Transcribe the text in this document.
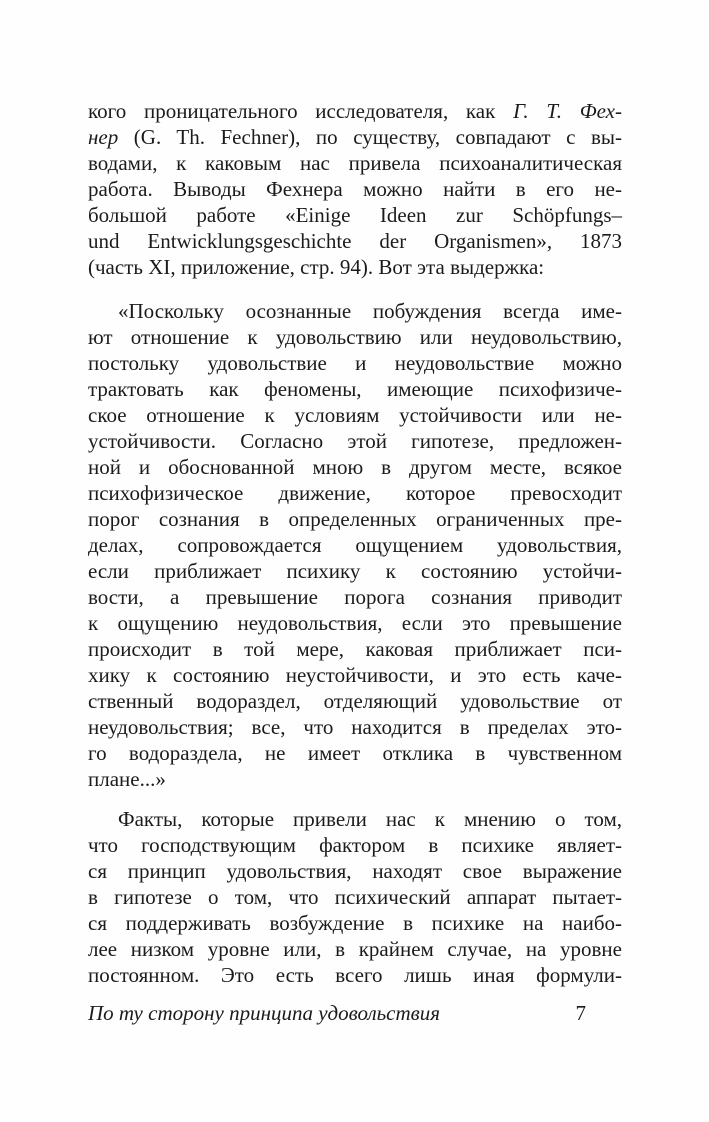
кого проницательного исследователя, как Г. Т. Фех-
нер (G. Th. Fechner), по существу, совпадают с вы-
водами, к каковым нас привела психоаналитическая
работа. Выводы Фехнера можно найти в его не-
большой работе «Einige Ideen zur Schöpfungs–
und Entwicklungsgeschichte der Organismen», 1873
(часть XI, приложение, стр. 94). Вот эта выдержка:
«Поскольку осознанные побуждения всегда име-
ют отношение к удовольствию или неудовольствию,
постольку удовольствие и неудовольствие можно
трактовать как феномены, имеющие психофизиче-
ское отношение к условиям устойчивости или не-
устойчивости. Согласно этой гипотезе, предложен-
ной и обоснованной мною в другом месте, всякое
психофизическое движение, которое превосходит
порог сознания в определенных ограниченных пре-
делах, сопровождается ощущением удовольствия,
если приближает психику к состоянию устойчи-
вости, а превышение порога сознания приводит
к ощущению неудовольствия, если это превышение
происходит в той мере, каковая приближает пси-
хику к состоянию неустойчивости, и это есть каче-
ственный водораздел, отделяющий удовольствие от
неудовольствия; все, что находится в пределах это-
го водораздела, не имеет отклика в чувственном
плане...»
Факты, которые привели нас к мнению о том,
что господствующим фактором в психике являет-
ся принцип удовольствия, находят свое выражение
в гипотезе о том, что психический аппарат пытает-
ся поддерживать возбуждение в психике на наибо-
лее низком уровне или, в крайнем случае, на уровне
постоянном. Это есть всего лишь иная формули-
По ту сторону принципа удовольствия	7
